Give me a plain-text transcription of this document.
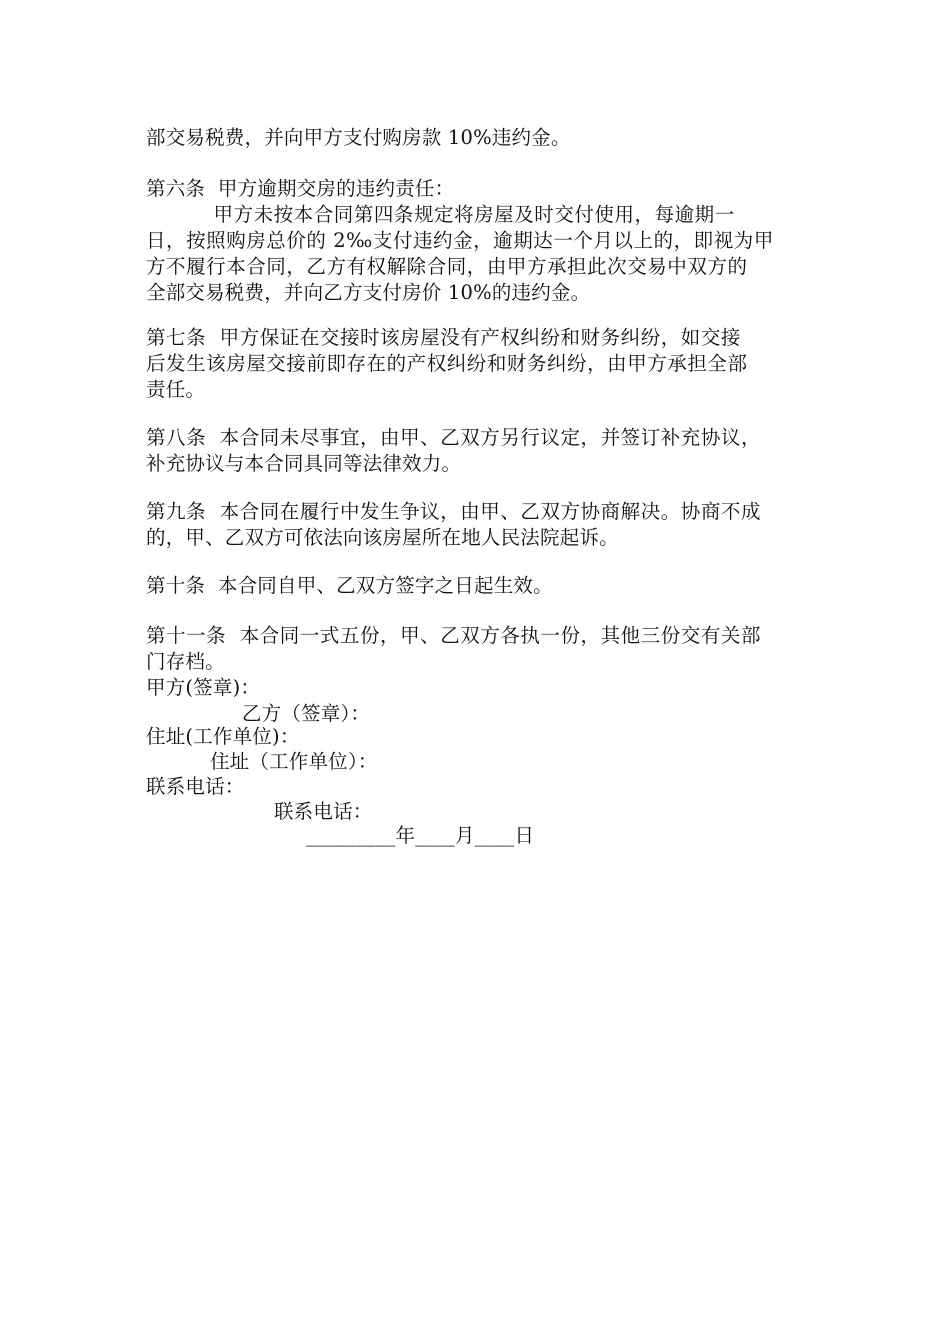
部交易税费，并向甲方支付购房款 10%违约金。
第六条  甲方逾期交房的违约责任：
甲方未按本合同第四条规定将房屋及时交付使用，每逾期一
日，按照购房总价的 2‰支付违约金，逾期达一个月以上的，即视为甲
方不履行本合同，乙方有权解除合同，由甲方承担此次交易中双方的
全部交易税费，并向乙方支付房价 10%的违约金。
第七条  甲方保证在交接时该房屋没有产权纠纷和财务纠纷，如交接
后发生该房屋交接前即存在的产权纠纷和财务纠纷，由甲方承担全部
责任。
第八条  本合同未尽事宜，由甲、乙双方另行议定，并签订补充协议，
补充协议与本合同具同等法律效力。
第九条  本合同在履行中发生争议，由甲、乙双方协商解决。协商不成
的，甲、乙双方可依法向该房屋所在地人民法院起诉。
第十条  本合同自甲、乙双方签字之日起生效。
第十一条  本合同一式五份，甲、乙双方各执一份，其他三份交有关部
门存档。
甲方(签章)：
乙方（签章）：
住址(工作单位)：
住址（工作单位）：
联系电话：
联系电话：
_________年____月____日
